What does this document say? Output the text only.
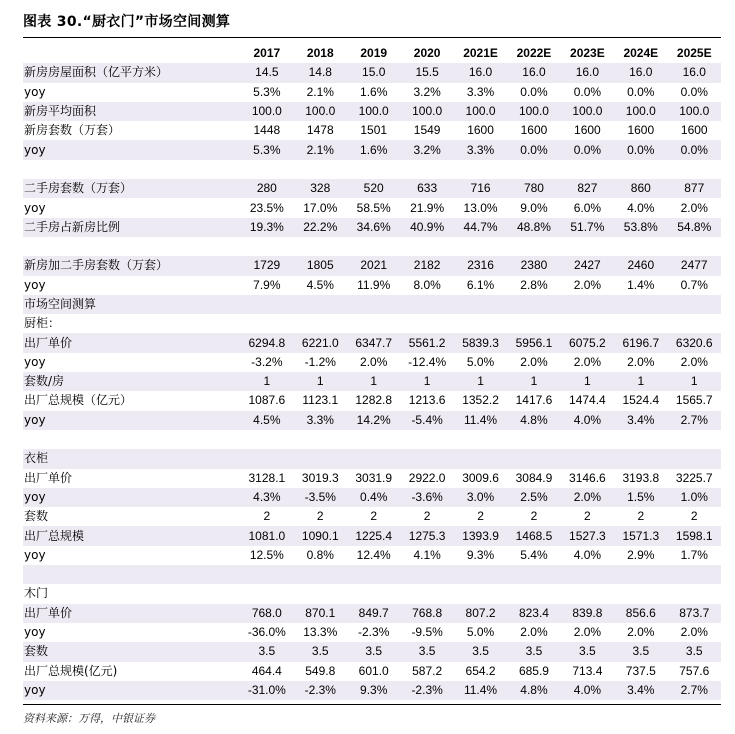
图表 30.“厨衣门”市场空间测算
	2017	2018	2019	2020	2021E	2022E	2023E	2024E	2025E
新房房屋面积（亿平方米）	14.5	14.8	15.0	15.5	16.0	16.0	16.0	16.0	16.0
yoy	5.3%	2.1%	1.6%	3.2%	3.3%	0.0%	0.0%	0.0%	0.0%
新房平均面积	100.0	100.0	100.0	100.0	100.0	100.0	100.0	100.0	100.0
新房套数（万套）	1448	1478	1501	1549	1600	1600	1600	1600	1600
yoy	5.3%	2.1%	1.6%	3.2%	3.3%	0.0%	0.0%	0.0%	0.0%

二手房套数（万套）	280	328	520	633	716	780	827	860	877
yoy	23.5%	17.0%	58.5%	21.9%	13.0%	9.0%	6.0%	4.0%	2.0%
二手房占新房比例	19.3%	22.2%	34.6%	40.9%	44.7%	48.8%	51.7%	53.8%	54.8%

新房加二手房套数（万套）	1729	1805	2021	2182	2316	2380	2427	2460	2477
yoy	7.9%	4.5%	11.9%	8.0%	6.1%	2.8%	2.0%	1.4%	0.7%
市场空间测算									
厨柜：									
出厂单价	6294.8	6221.0	6347.7	5561.2	5839.3	5956.1	6075.2	6196.7	6320.6
yoy	-3.2%	-1.2%	2.0%	-12.4%	5.0%	2.0%	2.0%	2.0%	2.0%
套数/房	1	1	1	1	1	1	1	1	1
出厂总规模（亿元）	1087.6	1123.1	1282.8	1213.6	1352.2	1417.6	1474.4	1524.4	1565.7
yoy	4.5%	3.3%	14.2%	-5.4%	11.4%	4.8%	4.0%	3.4%	2.7%

衣柜									
出厂单价	3128.1	3019.3	3031.9	2922.0	3009.6	3084.9	3146.6	3193.8	3225.7
yoy	4.3%	-3.5%	0.4%	-3.6%	3.0%	2.5%	2.0%	1.5%	1.0%
套数	2	2	2	2	2	2	2	2	2
出厂总规模	1081.0	1090.1	1225.4	1275.3	1393.9	1468.5	1527.3	1571.3	1598.1
yoy	12.5%	0.8%	12.4%	4.1%	9.3%	5.4%	4.0%	2.9%	1.7%

木门									
出厂单价	768.0	870.1	849.7	768.8	807.2	823.4	839.8	856.6	873.7
yoy	-36.0%	13.3%	-2.3%	-9.5%	5.0%	2.0%	2.0%	2.0%	2.0%
套数	3.5	3.5	3.5	3.5	3.5	3.5	3.5	3.5	3.5
出厂总规模(亿元)	464.4	549.8	601.0	587.2	654.2	685.9	713.4	737.5	757.6
yoy	-31.0%	-2.3%	9.3%	-2.3%	11.4%	4.8%	4.0%	3.4%	2.7%
资料来源：万得，中银证券
